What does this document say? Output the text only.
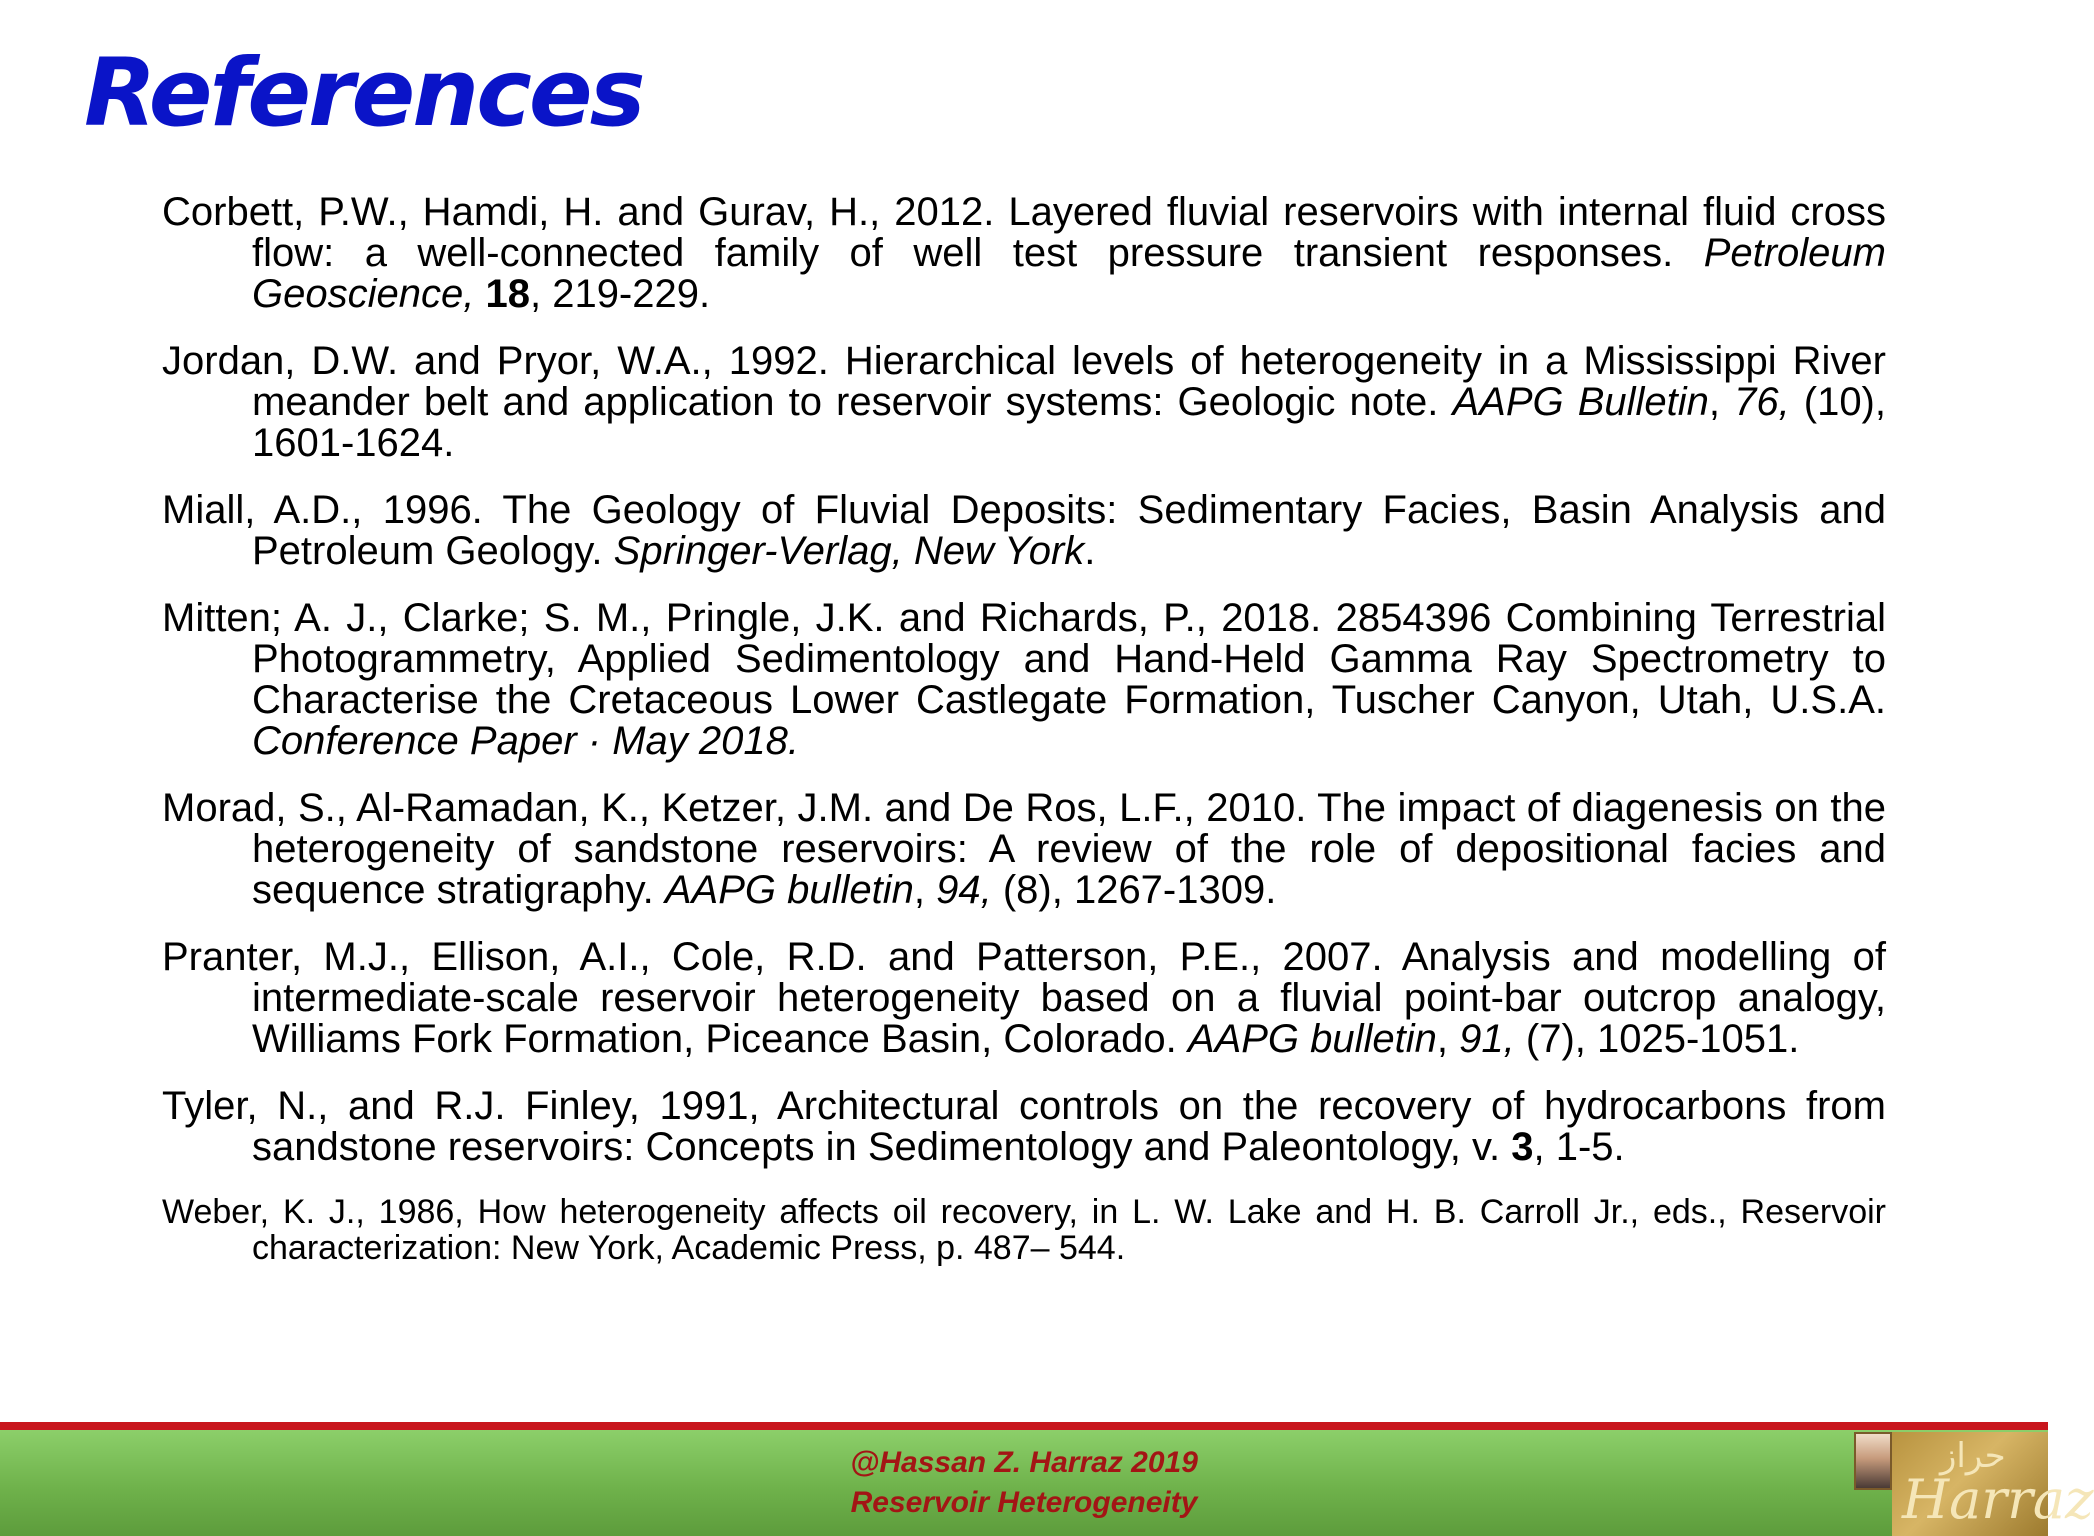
References

Corbett, P.W., Hamdi, H. and Gurav, H., 2012. Layered fluvial reservoirs with internal fluid cross flow: a well-connected family of well test pressure transient responses. Petroleum Geoscience, 18, 219-229.

Jordan, D.W. and Pryor, W.A., 1992. Hierarchical levels of heterogeneity in a Mississippi River meander belt and application to reservoir systems: Geologic note. AAPG Bulletin, 76, (10), 1601-1624.

Miall, A.D., 1996. The Geology of Fluvial Deposits: Sedimentary Facies, Basin Analysis and Petroleum Geology. Springer-Verlag, New York.

Mitten; A. J., Clarke; S. M., Pringle, J.K. and Richards, P., 2018. 2854396 Combining Terrestrial Photogrammetry, Applied Sedimentology and Hand-Held Gamma Ray Spectrometry to Characterise the Cretaceous Lower Castlegate Formation, Tuscher Canyon, Utah, U.S.A. Conference Paper · May 2018.

Morad, S., Al-Ramadan, K., Ketzer, J.M. and De Ros, L.F., 2010. The impact of diagenesis on the heterogeneity of sandstone reservoirs: A review of the role of depositional facies and sequence stratigraphy. AAPG bulletin, 94, (8), 1267-1309.

Pranter, M.J., Ellison, A.I., Cole, R.D. and Patterson, P.E., 2007. Analysis and modelling of intermediate-scale reservoir heterogeneity based on a fluvial point-bar outcrop analogy, Williams Fork Formation, Piceance Basin, Colorado. AAPG bulletin, 91, (7), 1025-1051.

Tyler, N., and R.J. Finley, 1991, Architectural controls on the recovery of hydrocarbons from sandstone reservoirs: Concepts in Sedimentology and Paleontology, v. 3, 1-5.

Weber, K. J., 1986, How heterogeneity affects oil recovery, in L. W. Lake and H. B. Carroll Jr., eds., Reservoir characterization: New York, Academic Press, p. 487– 544.

@Hassan Z. Harraz 2019
Reservoir Heterogeneity
حراز
Harraz
